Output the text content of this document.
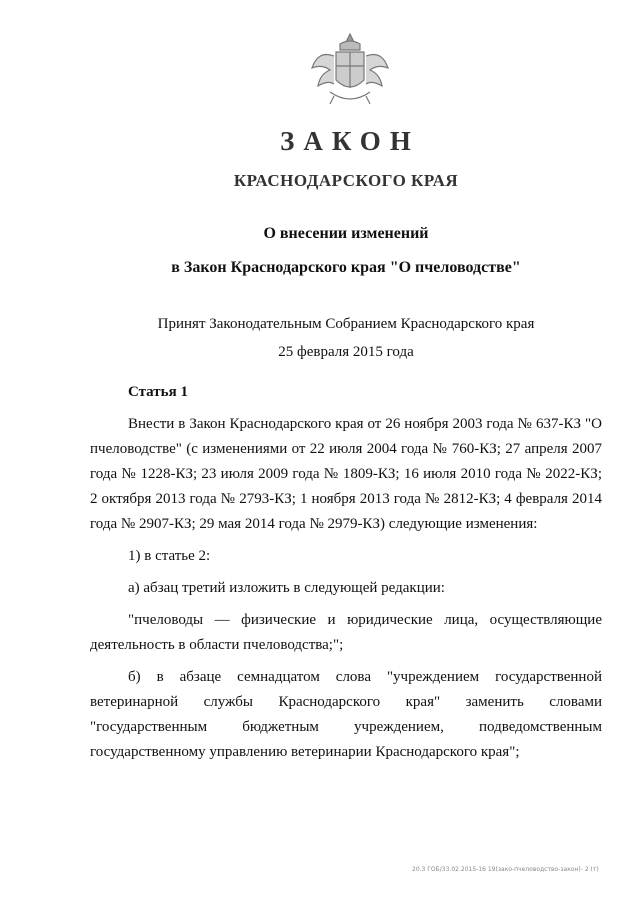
ЗАКОН
КРАСНОДАРСКОГО КРАЯ
О внесении изменений
в Закон Краснодарского края "О пчеловодстве"
Принят Законодательным Собранием Краснодарского края
25 февраля 2015 года
Статья 1

Внести в Закон Краснодарского края от 26 ноября 2003 года № 637-КЗ "О пчеловодстве" (с изменениями от 22 июля 2004 года № 760-КЗ; 27 апреля 2007 года № 1228-КЗ; 23 июля 2009 года № 1809-КЗ; 16 июля 2010 года № 2022-КЗ; 2 октября 2013 года № 2793-КЗ; 1 ноября 2013 года № 2812-КЗ; 4 февраля 2014 года № 2907-КЗ; 29 мая 2014 года № 2979-КЗ) следующие изменения:

1) в статье 2:

а) абзац третий изложить в следующей редакции:

"пчеловоды — физические и юридические лица, осуществляющие деятельность в области пчеловодства;";

б) в абзаце семнадцатом слова "учреждением государственной ветеринарной службы Краснодарского края" заменить словами "государственным бюджетным учреждением, подведомственным государственному управлению ветеринарии Краснодарского края";

20.3 ГОБ/33.02.2015-16 19(зако-пчеловодство-закон)- 2 (т)
